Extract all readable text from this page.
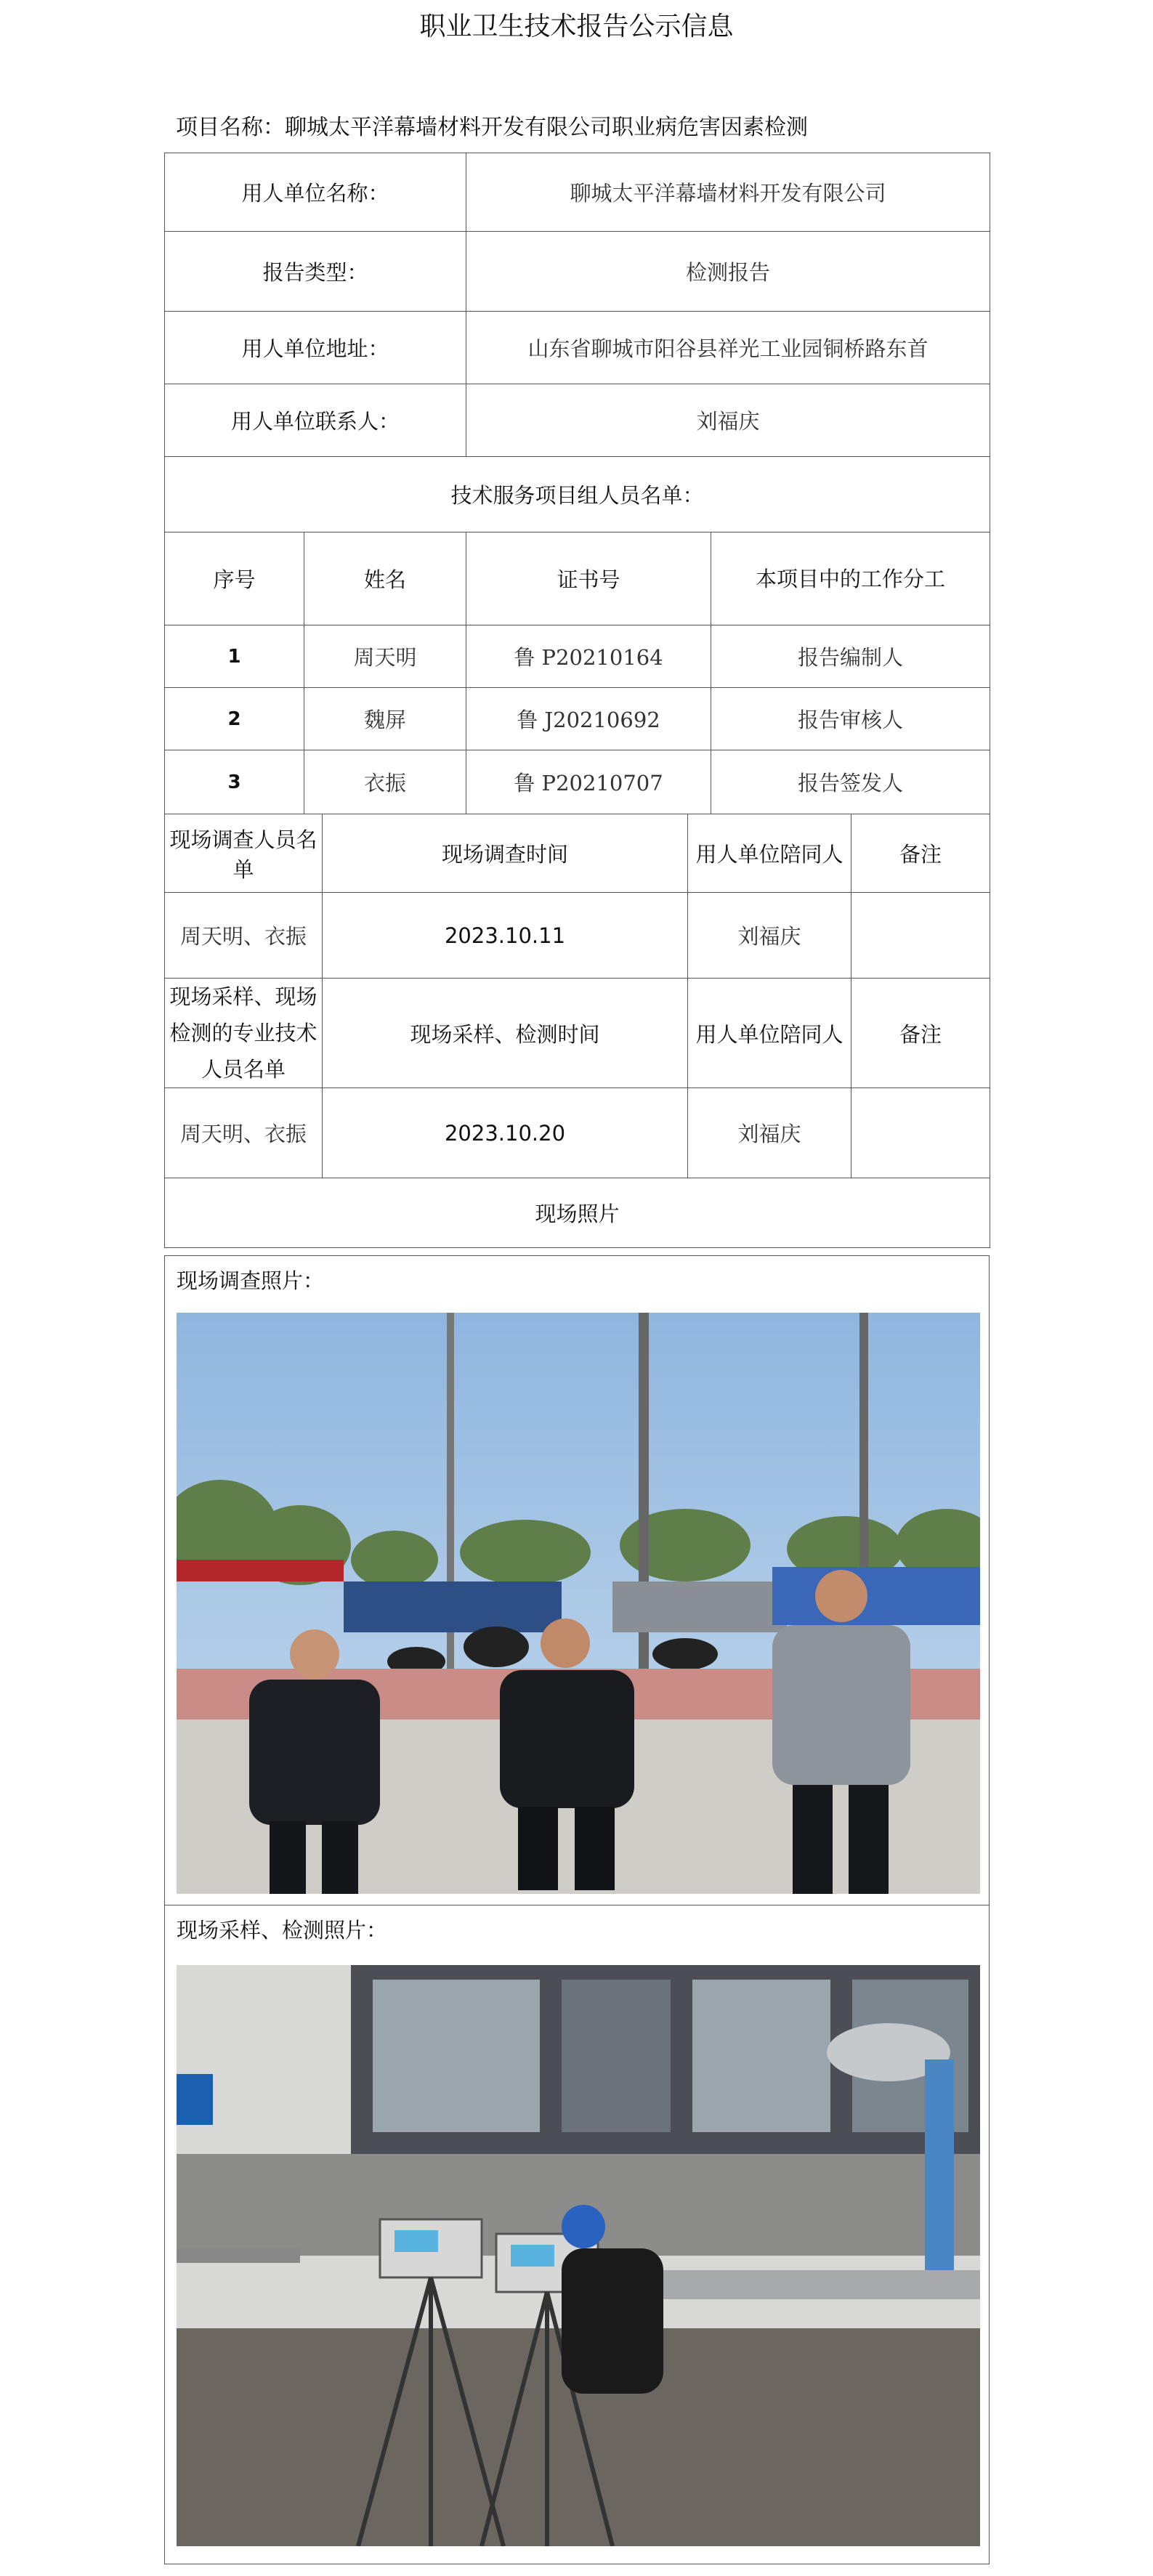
职业卫生技术报告公示信息
项目名称：聊城太平洋幕墙材料开发有限公司职业病危害因素检测
用人单位名称：			聊城太平洋幕墙材料开发有限公司			
报告类型：			检测报告			
用人单位地址：			山东省聊城市阳谷县祥光工业园铜桥路东首			
用人单位联系人：			刘福庆			
技术服务项目组人员名单：						
序号	姓名		证书号		本项目中的工作分工	
1	周天明		鲁 P20210164		报告编制人	
2	魏屏		鲁 J20210692		报告审核人	
3	衣振		鲁 P20210707		报告签发人	
现场调查人员名单		现场调查时间		用人单位陪同人		备注
周天明、衣振		2023.10.11		刘福庆		
现场采样、现场检测的专业技术人员名单		现场采样、检测时间		用人单位陪同人		备注
周天明、衣振		2023.10.20		刘福庆		
现场照片						
现场调查照片：
现场采样、检测照片：
